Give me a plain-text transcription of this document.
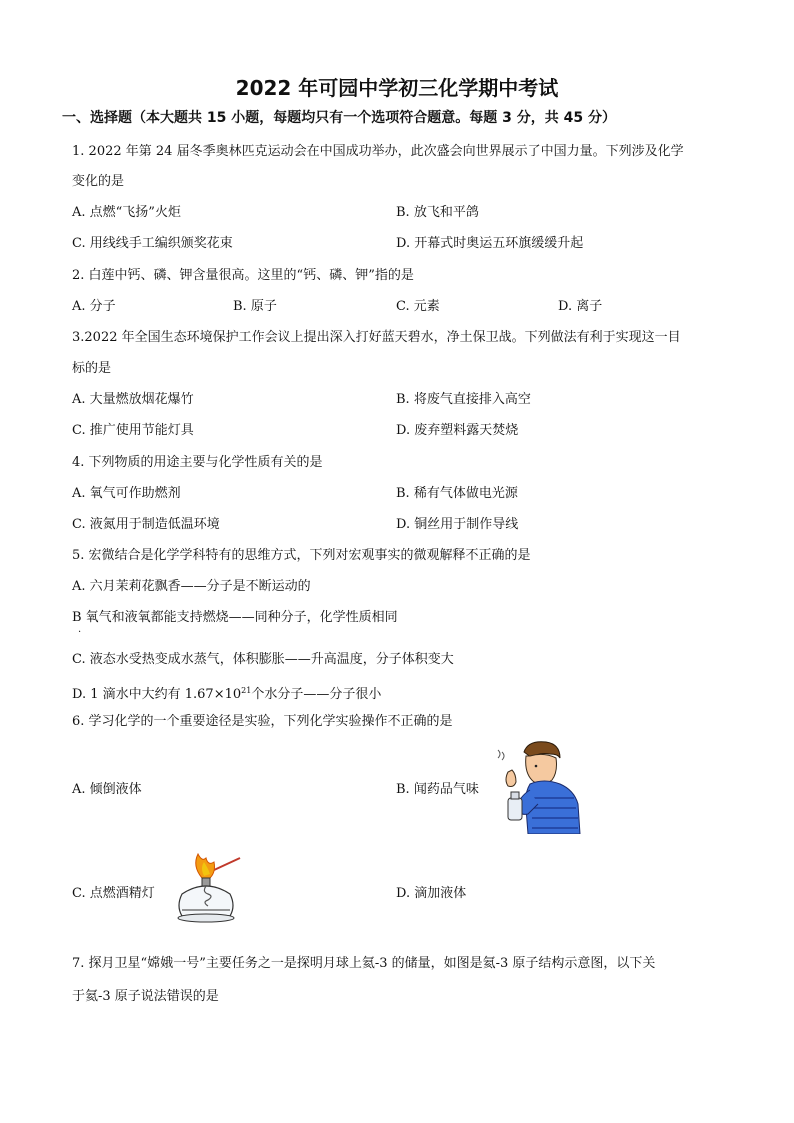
2022 年可园中学初三化学期中考试
一、选择题（本大题共 15 小题，每题均只有一个选项符合题意。每题 3 分，共 45 分）
1. 2022 年第 24 届冬季奥林匹克运动会在中国成功举办，此次盛会向世界展示了中国力量。下列涉及化学
变化的是
A. 点燃“飞扬”火炬	B. 放飞和平鸽
C. 用线线手工编织颁奖花束	D. 开幕式时奥运五环旗缓缓升起
2. 白莲中钙、磷、钾含量很高。这里的“钙、磷、钾”指的是
A. 分子	B. 原子	C. 元素	D. 离子
3.2022 年全国生态环境保护工作会议上提出深入打好蓝天碧水，净土保卫战。下列做法有利于实现这一目
标的是
A. 大量燃放烟花爆竹	B. 将废气直接排入高空
C. 推广使用节能灯具	D. 废弃塑料露天焚烧
4. 下列物质的用途主要与化学性质有关的是
A. 氧气可作助燃剂	B. 稀有气体做电光源
C. 液氮用于制造低温环境	D. 铜丝用于制作导线
5. 宏微结合是化学学科特有的思维方式，下列对宏观事实的微观解释不正确的是
A. 六月茉莉花飘香——分子是不断运动的
B 氧气和液氧都能支持燃烧——同种分子，化学性质相同
.
C. 液态水受热变成水蒸气，体积膨胀——升高温度，分子体积变大
D. 1 滴水中大约有 $1.67\times 10^{21}$个水分子——分子很小
6. 学习化学的一个重要途径是实验，下列化学实验操作不正确的是
A. 倾倒液体	B. 闻药品气味
C. 点燃酒精灯	D. 滴加液体
7. 探月卫星“嫦娥一号”主要任务之一是探明月球上氦-3 的储量，如图是氦-3 原子结构示意图，以下关
于氦-3 原子说法错误的是
